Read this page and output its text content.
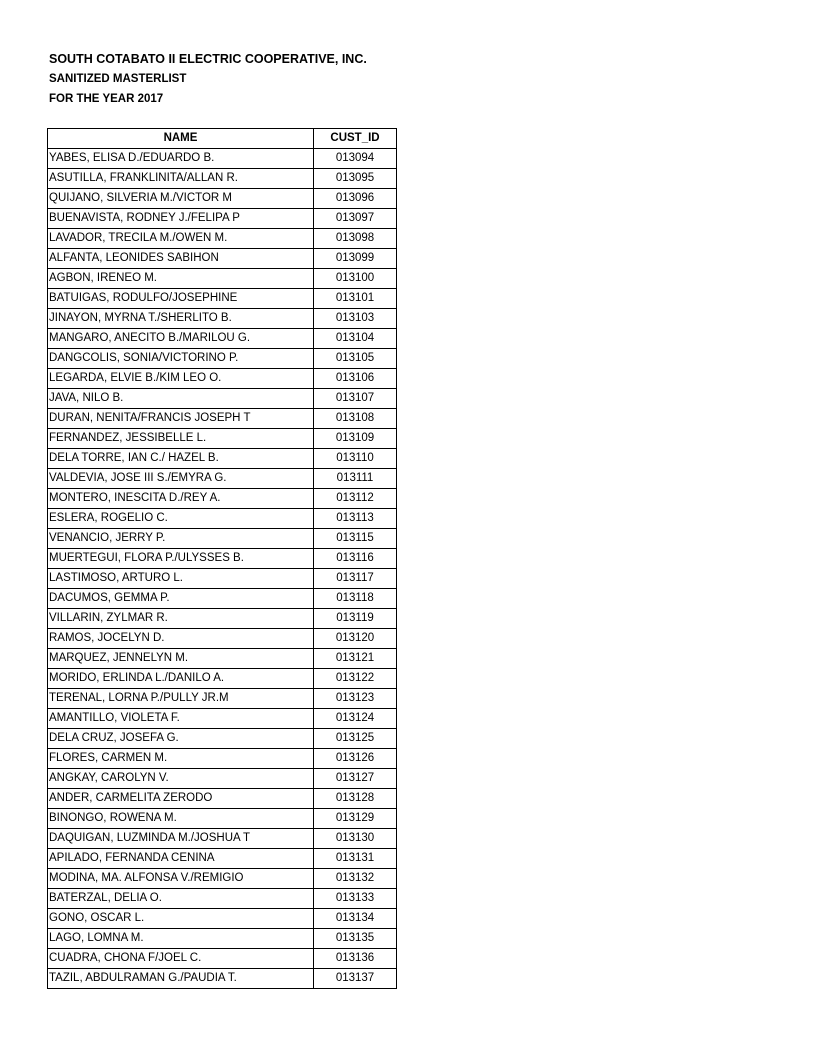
SOUTH COTABATO II ELECTRIC COOPERATIVE, INC.
SANITIZED MASTERLIST
FOR THE YEAR 2017
NAME	CUST_ID
YABES, ELISA D./EDUARDO B.	013094
ASUTILLA, FRANKLINITA/ALLAN R.	013095
QUIJANO, SILVERIA M./VICTOR M	013096
BUENAVISTA, RODNEY J./FELIPA P	013097
LAVADOR, TRECILA M./OWEN M.	013098
ALFANTA, LEONIDES SABIHON	013099
AGBON, IRENEO M.	013100
BATUIGAS, RODULFO/JOSEPHINE	013101
JINAYON, MYRNA T./SHERLITO B.	013103
MANGARO, ANECITO B./MARILOU G.	013104
DANGCOLIS, SONIA/VICTORINO P.	013105
LEGARDA, ELVIE B./KIM LEO O.	013106
JAVA, NILO B.	013107
DURAN, NENITA/FRANCIS JOSEPH T	013108
FERNANDEZ, JESSIBELLE L.	013109
DELA TORRE, IAN C./ HAZEL B.	013110
VALDEVIA, JOSE III S./EMYRA G.	013111
MONTERO, INESCITA D./REY A.	013112
ESLERA, ROGELIO C.	013113
VENANCIO, JERRY P.	013115
MUERTEGUI, FLORA P./ULYSSES B.	013116
LASTIMOSO, ARTURO L.	013117
DACUMOS, GEMMA P.	013118
VILLARIN, ZYLMAR R.	013119
RAMOS, JOCELYN D.	013120
MARQUEZ, JENNELYN M.	013121
MORIDO, ERLINDA L./DANILO A.	013122
TERENAL, LORNA P./PULLY JR.M	013123
AMANTILLO, VIOLETA F.	013124
DELA CRUZ, JOSEFA G.	013125
FLORES, CARMEN M.	013126
ANGKAY, CAROLYN V.	013127
ANDER, CARMELITA ZERODO	013128
BINONGO, ROWENA M.	013129
DAQUIGAN, LUZMINDA M./JOSHUA T	013130
APILADO, FERNANDA CENINA	013131
MODINA, MA. ALFONSA V./REMIGIO	013132
BATERZAL, DELIA O.	013133
GONO, OSCAR L.	013134
LAGO, LOMNA M.	013135
CUADRA, CHONA F/JOEL C.	013136
TAZIL, ABDULRAMAN G./PAUDIA T.	013137
